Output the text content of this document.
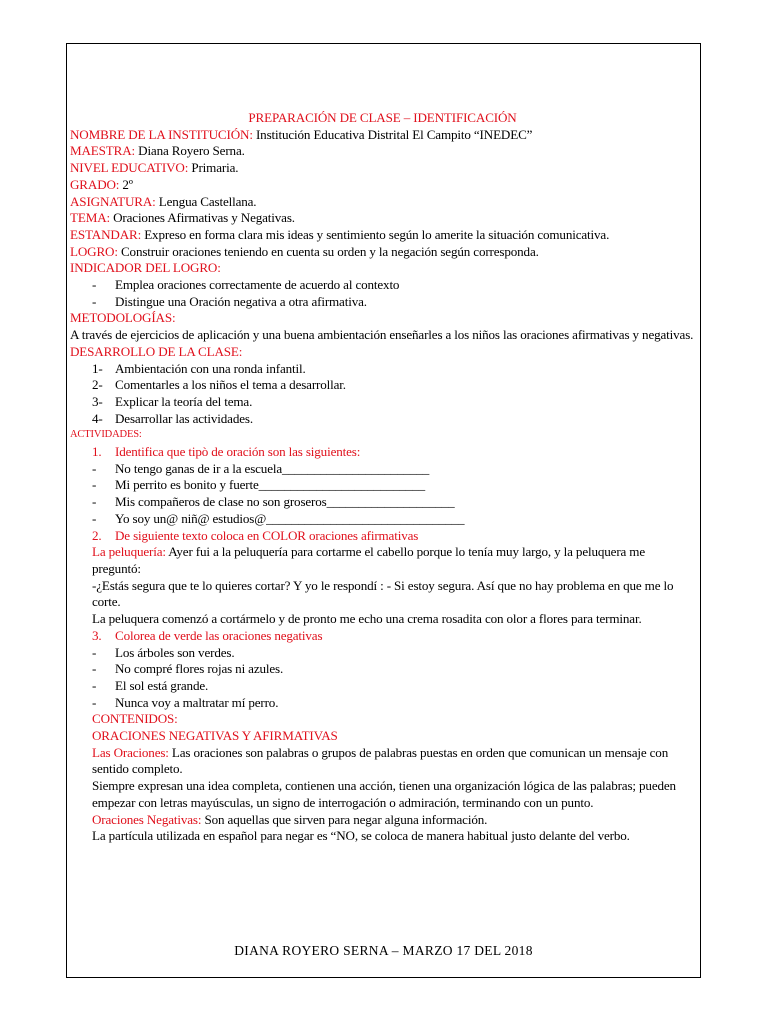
PREPARACIÓN DE CLASE – IDENTIFICACIÓN
NOMBRE DE LA INSTITUCIÓN: Institución Educativa Distrital El Campito “INEDEC”
MAESTRA: Diana Royero Serna.
NIVEL EDUCATIVO: Primaria.
GRADO: 2º
ASIGNATURA: Lengua Castellana.
TEMA: Oraciones Afirmativas y Negativas.
ESTANDAR: Expreso en forma clara mis ideas y sentimiento según lo amerite la situación comunicativa.
LOGRO: Construir oraciones teniendo en cuenta su orden y la negación según corresponda.
INDICADOR DEL LOGRO:
- Emplea oraciones correctamente de acuerdo al contexto
- Distingue una Oración negativa a otra afirmativa.
METODOLOGÍAS:
A través de ejercicios de aplicación y una buena ambientación enseñarles a los niños las oraciones afirmativas y negativas.
DESARROLLO DE LA CLASE:
1- Ambientación con una ronda infantil.
2- Comentarles a los niños el tema a desarrollar.
3- Explicar la teoría del tema.
4- Desarrollar las actividades.
ACTIVIDADES:
1. Identifica que tipò de oración son las siguientes:
- No tengo ganas de ir a la escuela_______________________
- Mi perrito es bonito y fuerte__________________________
- Mis compañeros de clase no son groseros____________________
- Yo soy un@ niñ@ estudios@_______________________________
2. De siguiente texto coloca en COLOR oraciones afirmativas
La peluquería: Ayer fui a la peluquería para cortarme el cabello porque lo tenía muy largo, y la peluquera me preguntó:
-¿Estás segura que te lo quieres cortar? Y yo le respondí : - Si estoy segura. Así que no hay problema en que me lo corte.
La peluquera comenzó a cortármelo y de pronto me echo una crema rosadita con olor a flores para terminar.
3. Colorea de verde las oraciones negativas
- Los árboles son verdes.
- No compré flores rojas ni azules.
- El sol está grande.
- Nunca voy a maltratar mí perro.
CONTENIDOS:
ORACIONES NEGATIVAS Y AFIRMATIVAS
Las Oraciones: Las oraciones son palabras o grupos de palabras puestas en orden que comunican un mensaje con sentido completo.
Siempre expresan una idea completa, contienen una acción, tienen una organización lógica de las palabras; pueden empezar con letras mayúsculas, un signo de interrogación o admiración, terminando con un punto.
Oraciones Negativas: Son aquellas que sirven para negar alguna información.
La partícula utilizada en español para negar es “NO, se coloca de manera habitual justo delante del verbo.
DIANA ROYERO SERNA – MARZO 17 DEL 2018
